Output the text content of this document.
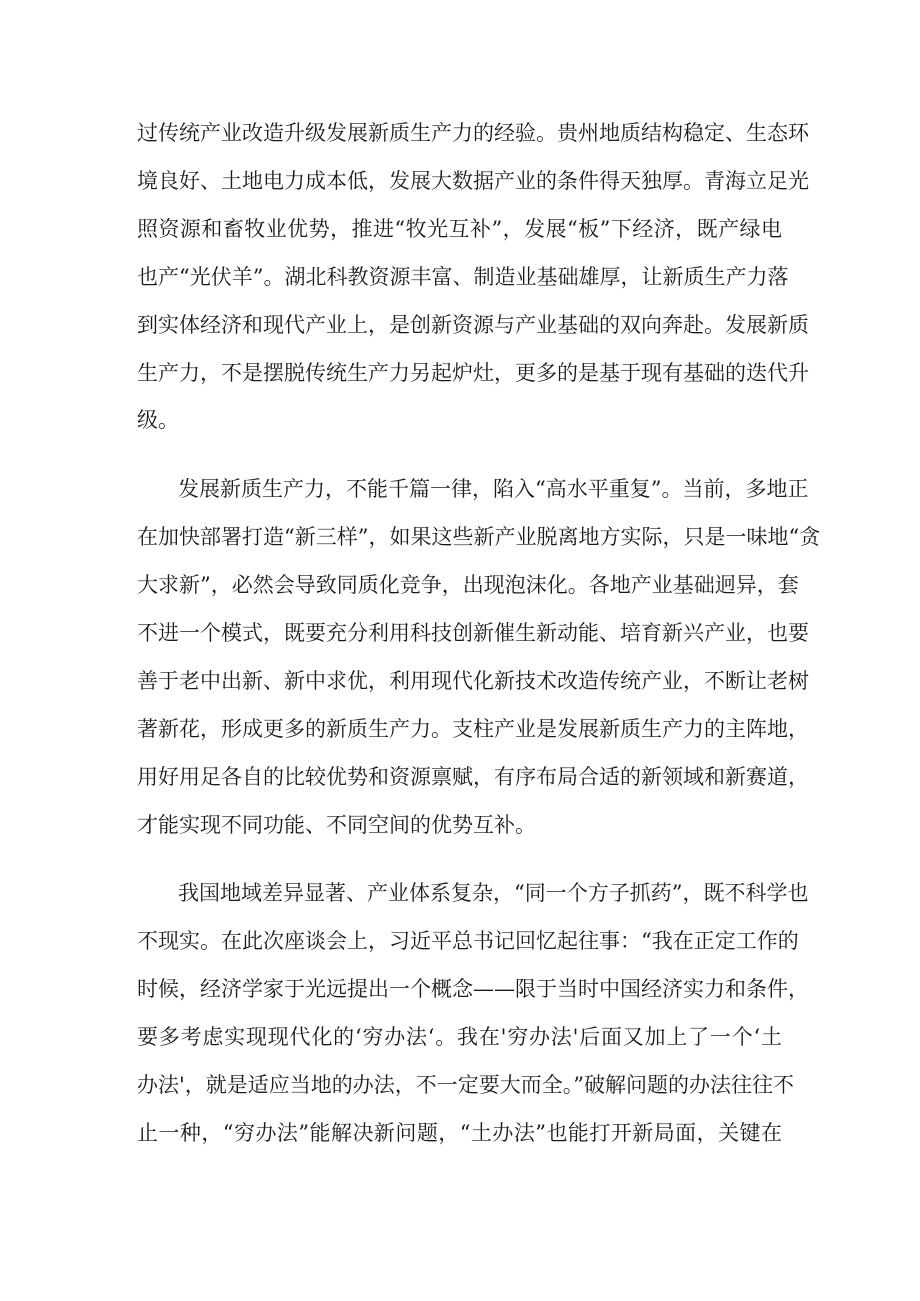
过传统产业改造升级发展新质生产力的经验。贵州地质结构稳定、生态环
境良好、土地电力成本低，发展大数据产业的条件得天独厚。青海立足光
照资源和畜牧业优势，推进“牧光互补”，发展“板”下经济，既产绿电
也产“光伏羊”。湖北科教资源丰富、制造业基础雄厚，让新质生产力落
到实体经济和现代产业上，是创新资源与产业基础的双向奔赴。发展新质
生产力，不是摆脱传统生产力另起炉灶，更多的是基于现有基础的迭代升
级。
发展新质生产力，不能千篇一律，陷入“高水平重复”。当前，多地正
在加快部署打造“新三样”，如果这些新产业脱离地方实际，只是一味地“贪
大求新”，必然会导致同质化竞争，出现泡沫化。各地产业基础迥异，套
不进一个模式，既要充分利用科技创新催生新动能、培育新兴产业，也要
善于老中出新、新中求优，利用现代化新技术改造传统产业，不断让老树
著新花，形成更多的新质生产力。支柱产业是发展新质生产力的主阵地，
用好用足各自的比较优势和资源禀赋，有序布局合适的新领域和新赛道，
才能实现不同功能、不同空间的优势互补。
我国地域差异显著、产业体系复杂，“同一个方子抓药”，既不科学也
不现实。在此次座谈会上，习近平总书记回忆起往事：“我在正定工作的
时候，经济学家于光远提出一个概念——限于当时中国经济实力和条件，
要多考虑实现现代化的‘穷办法‘。我在'穷办法'后面又加上了一个‘土
办法'，就是适应当地的办法，不一定要大而全。”破解问题的办法往往不
止一种，“穷办法”能解决新问题，“土办法”也能打开新局面，关键在
